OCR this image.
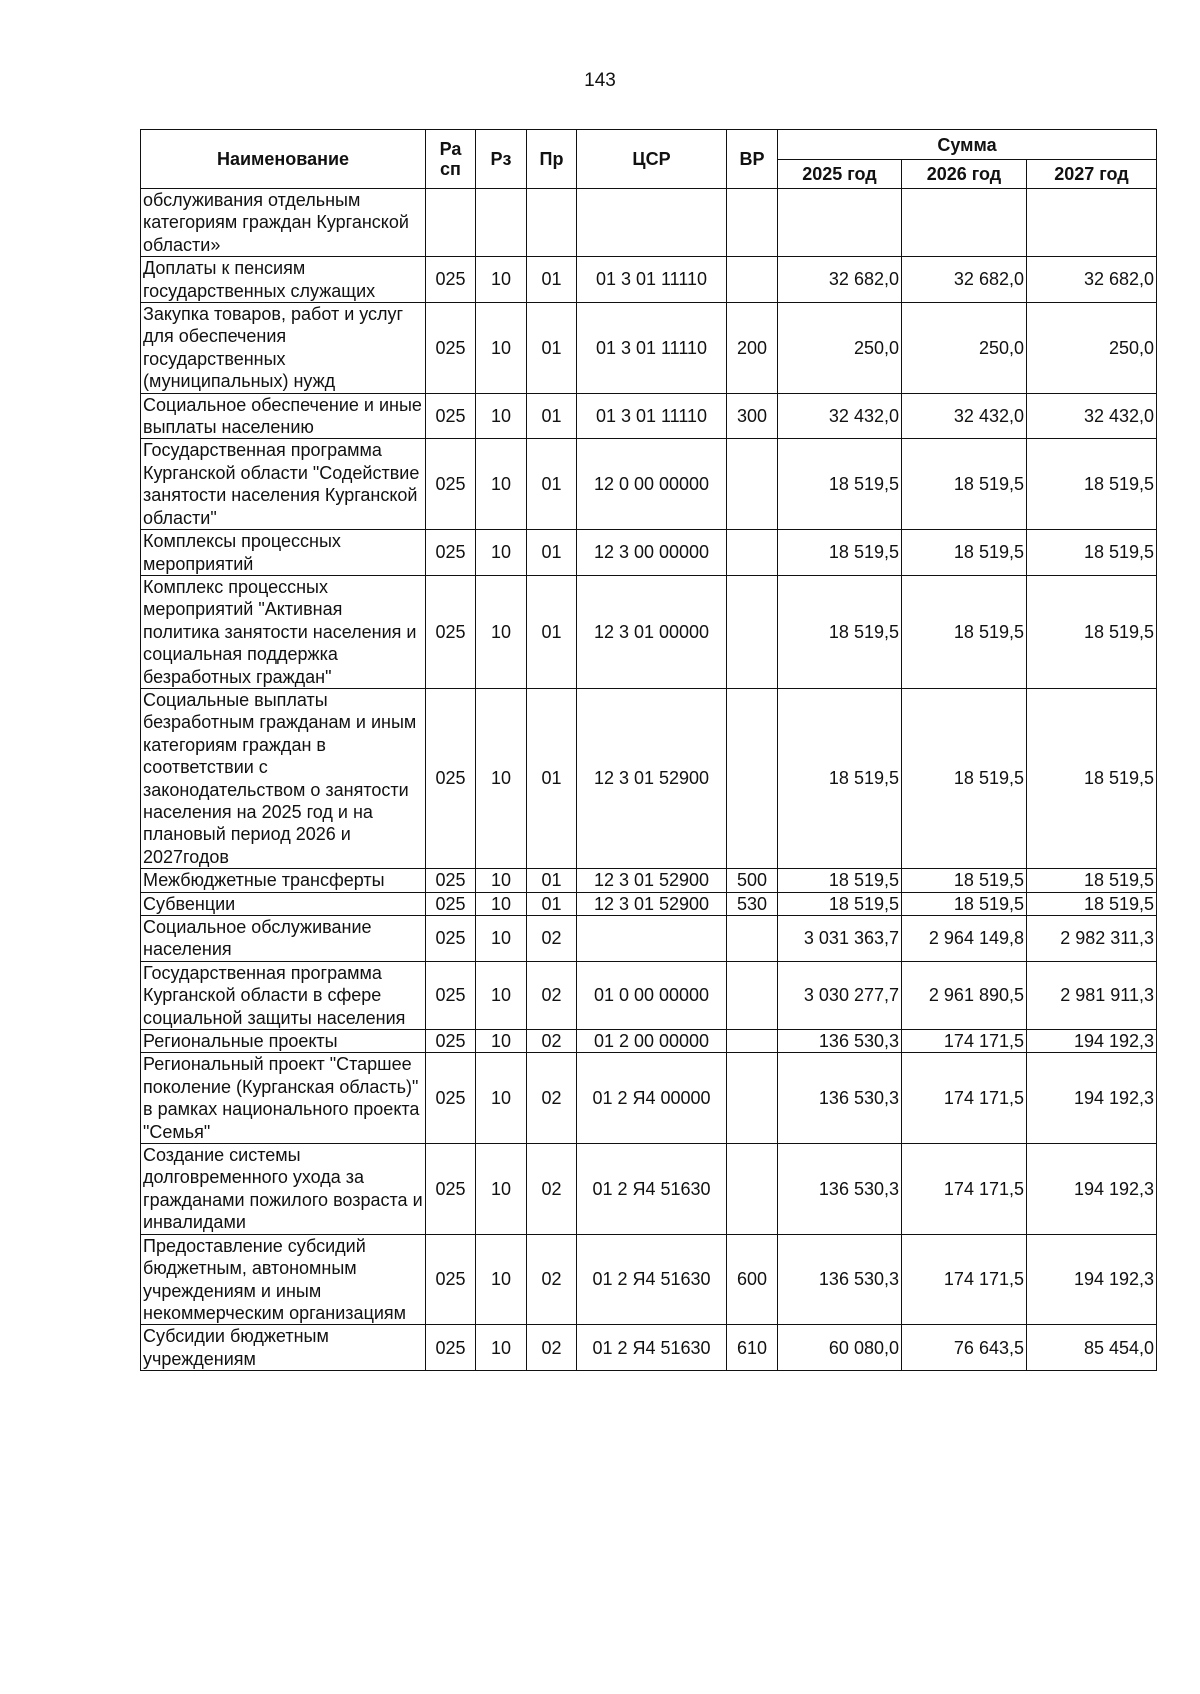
143
Наименование	Ра сп	Рз	Пр	ЦСР	ВР	Сумма		
						2025 год	2026 год	2027 год
обслуживания отдельным категориям граждан Курганской области»								
Доплаты к пенсиям государственных служащих	025	10	01	01 3 01 11110		32 682,0	32 682,0	32 682,0
Закупка товаров, работ и услуг для обеспечения государственных (муниципальных) нужд	025	10	01	01 3 01 11110	200	250,0	250,0	250,0
Социальное обеспечение и иные выплаты населению	025	10	01	01 3 01 11110	300	32 432,0	32 432,0	32 432,0
Государственная программа Курганской области "Содействие занятости населения Курганской области"	025	10	01	12 0 00 00000		18 519,5	18 519,5	18 519,5
Комплексы процессных мероприятий	025	10	01	12 3 00 00000		18 519,5	18 519,5	18 519,5
Комплекс процессных мероприятий "Активная политика занятости населения и социальная поддержка безработных граждан"	025	10	01	12 3 01 00000		18 519,5	18 519,5	18 519,5
Социальные выплаты безработным гражданам и иным категориям граждан в соответствии с законодательством о занятости населения на 2025 год и на плановый период 2026 и 2027годов	025	10	01	12 3 01 52900		18 519,5	18 519,5	18 519,5
Межбюджетные трансферты	025	10	01	12 3 01 52900	500	18 519,5	18 519,5	18 519,5
Субвенции	025	10	01	12 3 01 52900	530	18 519,5	18 519,5	18 519,5
Социальное обслуживание населения	025	10	02			3 031 363,7	2 964 149,8	2 982 311,3
Государственная программа Курганской области в сфере социальной защиты населения	025	10	02	01 0 00 00000		3 030 277,7	2 961 890,5	2 981 911,3
Региональные проекты	025	10	02	01 2 00 00000		136 530,3	174 171,5	194 192,3
Региональный проект "Старшее поколение (Курганская область)" в рамках национального проекта "Семья"	025	10	02	01 2 Я4 00000		136 530,3	174 171,5	194 192,3
Создание системы долговременного ухода за гражданами пожилого возраста и инвалидами	025	10	02	01 2 Я4 51630		136 530,3	174 171,5	194 192,3
Предоставление субсидий бюджетным, автономным учреждениям и иным некоммерческим организациям	025	10	02	01 2 Я4 51630	600	136 530,3	174 171,5	194 192,3
Субсидии бюджетным учреждениям	025	10	02	01 2 Я4 51630	610	60 080,0	76 643,5	85 454,0
